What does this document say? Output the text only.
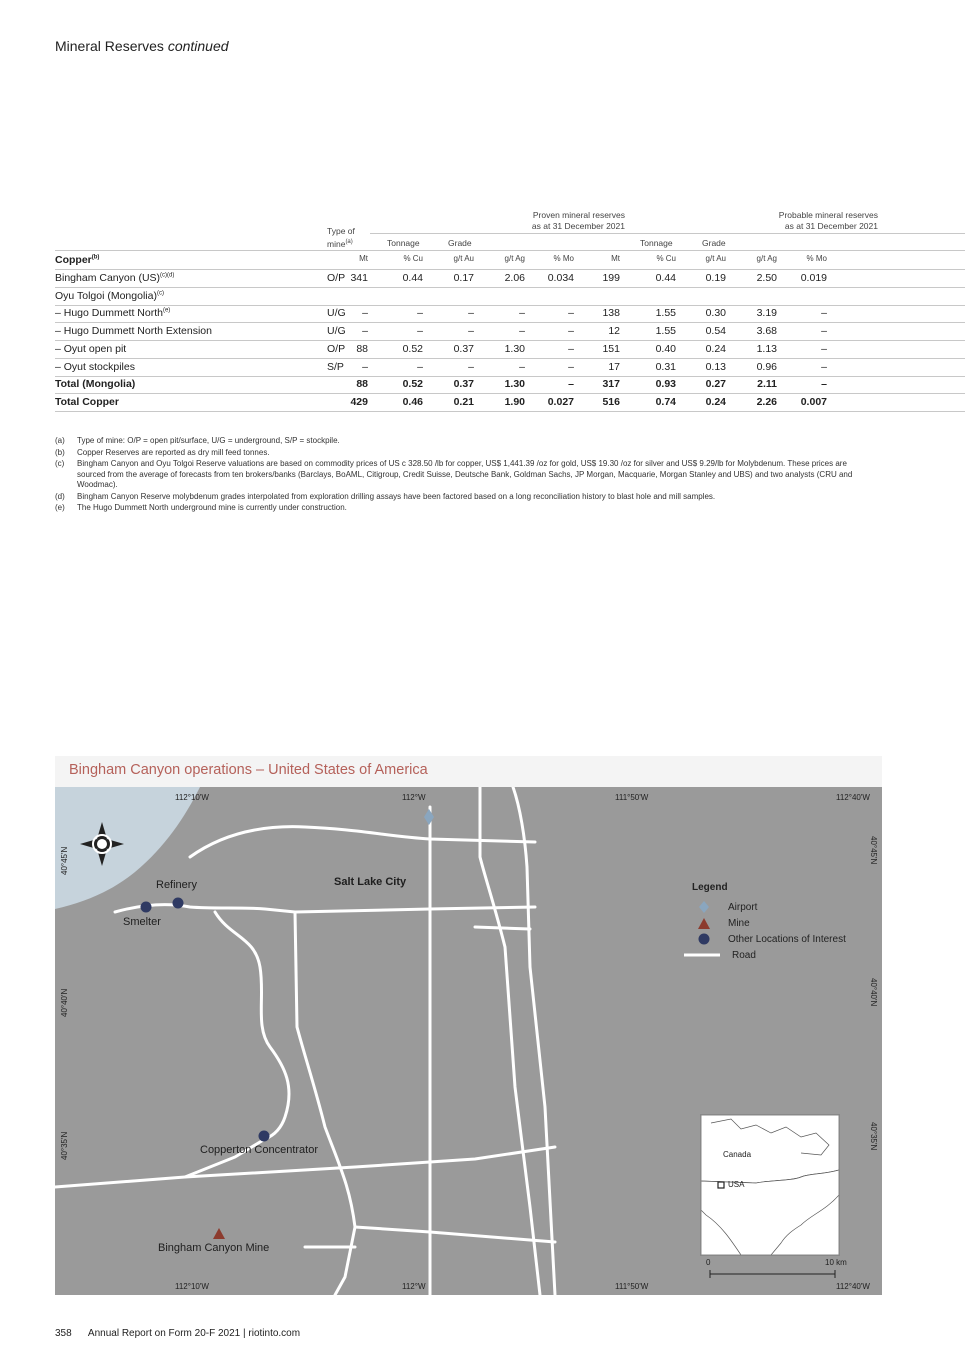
Mineral Reserves continued
Type of
mine$^{(a)}$
Proven mineral reserves
as at 31 December 2021
Probable mineral reserves
as at 31 December 2021
Tonnage	Grade	Tonnage	Grade
Copper$^{(b)}$	Mt	% Cu	g/t Au	g/t Ag	% Mo	Mt	% Cu	g/t Au	g/t Ag	% Mo
Bingham Canyon (US)$^{(c)(d)}$	O/P 341	0.44	0.17	2.06	0.034	199	0.44	0.19	2.50	0.019
Oyu Tolgoi (Mongolia)$^{(c)}$
– Hugo Dummett North$^{(e)}$	U/G	–	–	–	–	–	138	1.55	0.30	3.19	–
– Hugo Dummett North Extension	U/G	–	–	–	–	–	12	1.55	0.54	3.68	–
– Oyut open pit	O/P	88	0.52	0.37	1.30	–	151	0.40	0.24	1.13	–
– Oyut stockpiles	S/P	–	–	–	–	–	17	0.31	0.13	0.96	–
Total (Mongolia)	88	0.52	0.37	1.30	–	317	0.93	0.27	2.11	–
Total Copper	429	0.46	0.21	1.90	0.027	516	0.74	0.24	2.26	0.007
(a)	Type of mine: O/P = open pit/surface, U/G = underground, S/P = stockpile.
(b)	Copper Reserves are reported as dry mill feed tonnes.
(c)	Bingham Canyon and Oyu Tolgoi Reserve valuations are based on commodity prices of US c 328.50 /lb for copper, US$ 1,441.39 /oz for gold, US$ 19.30 /oz for silver and US$ 9.29/lb for Molybdenum. These prices are sourced from the average of forecasts from ten brokers/banks (Barclays, BoAML, Citigroup, Credit Suisse, Deutsche Bank, Goldman Sachs, JP Morgan, Macquarie, Morgan Stanley and UBS) and two analysts (CRU and Woodmac).
(d)	Bingham Canyon Reserve molybdenum grades interpolated from exploration drilling assays have been factored based on a long reconciliation history to blast hole and mill samples.
(e)	The Hugo Dummett North underground mine is currently under construction.
Bingham Canyon operations – United States of America
112°10'W	112°W	111°50'W	112°40'W
112°10'W	112°W	111°50'W	112°40'W
40°45'N
40°40'N
40°35'N
40°45'N
40°40'N
40°35'N
Salt Lake City
Refinery
Smelter
Copperton Concentrator
Bingham Canyon Mine
Legend
Airport
Mine
Other Locations of Interest
Road
Canada
USA
0	10 km
358 Annual Report on Form 20-F 2021 | riotinto.com
